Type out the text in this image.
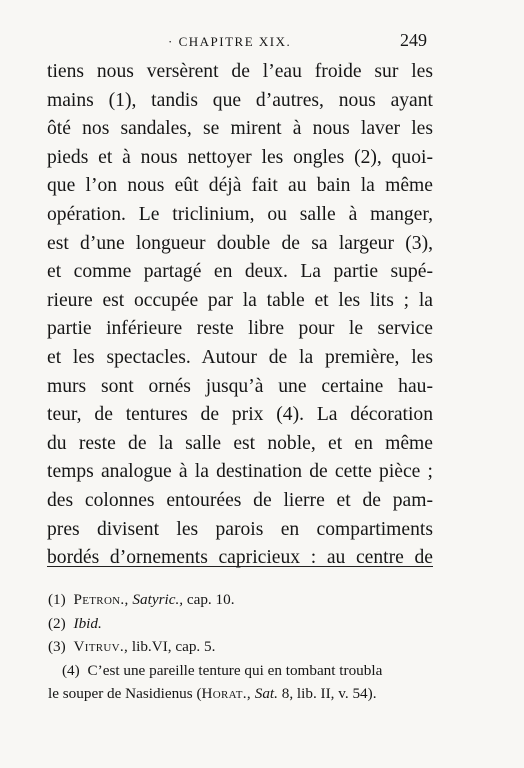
· CHAPITRE XIX.	249
tiens nous versèrent de l’eau froide sur les
mains (1), tandis que d’autres, nous ayant
ôté nos sandales, se mirent à nous laver les
pieds et à nous nettoyer les ongles (2), quoi-
que l’on nous eût déjà fait au bain la même
opération. Le triclinium, ou salle à manger,
est d’une longueur double de sa largeur (3),
et comme partagé en deux. La partie supé-
rieure est occupée par la table et les lits ; la
partie inférieure reste libre pour le service
et les spectacles. Autour de la première, les
murs sont ornés jusqu’à une certaine hau-
teur, de tentures de prix (4). La décoration
du reste de la salle est noble, et en même
temps analogue à la destination de cette pièce ;
des colonnes entourées de lierre et de pam-
pres divisent les parois en compartiments
bordés d’ornements capricieux : au centre de
(1) Petron., Satyric., cap. 10.
(2) Ibid.
(3) Vitruv., lib.VI, cap. 5.
(4) C’est une pareille tenture qui en tombant troubla
le souper de Nasidienus (Horat., Sat. 8, lib. II, v. 54).
